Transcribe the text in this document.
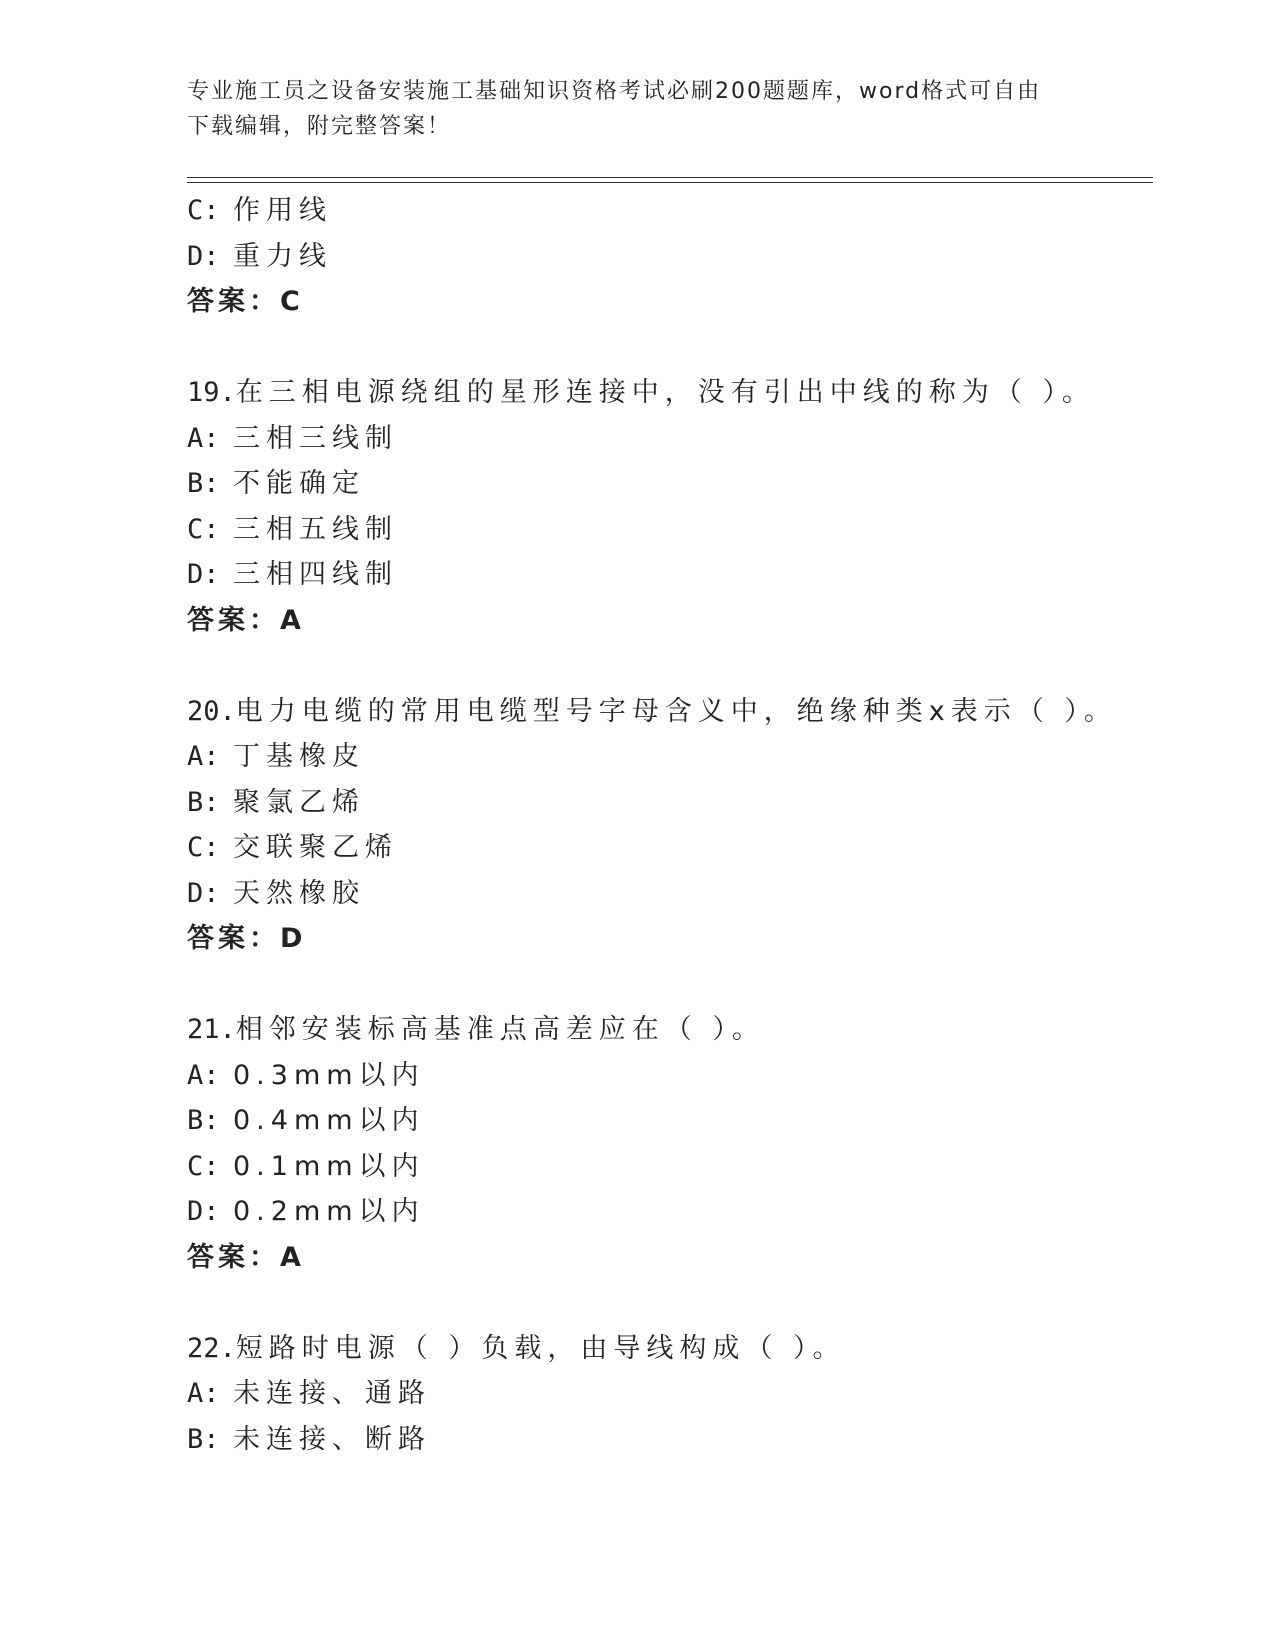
专业施工员之设备安装施工基础知识资格考试必刷200题题库，word格式可自由
下载编辑，附完整答案！
C: 作用线
D: 重力线
答案：C
19.在三相电源绕组的星形连接中，没有引出中线的称为（ ）。
A: 三相三线制
B: 不能确定
C: 三相五线制
D: 三相四线制
答案：A
20.电力电缆的常用电缆型号字母含义中，绝缘种类x表示（ ）。
A: 丁基橡皮
B: 聚氯乙烯
C: 交联聚乙烯
D: 天然橡胶
答案：D
21.相邻安装标高基准点高差应在（ ）。
A: 0.3mm以内
B: 0.4mm以内
C: 0.1mm以内
D: 0.2mm以内
答案：A
22.短路时电源（ ）负载，由导线构成（ ）。
A: 未连接、通路
B: 未连接、断路
